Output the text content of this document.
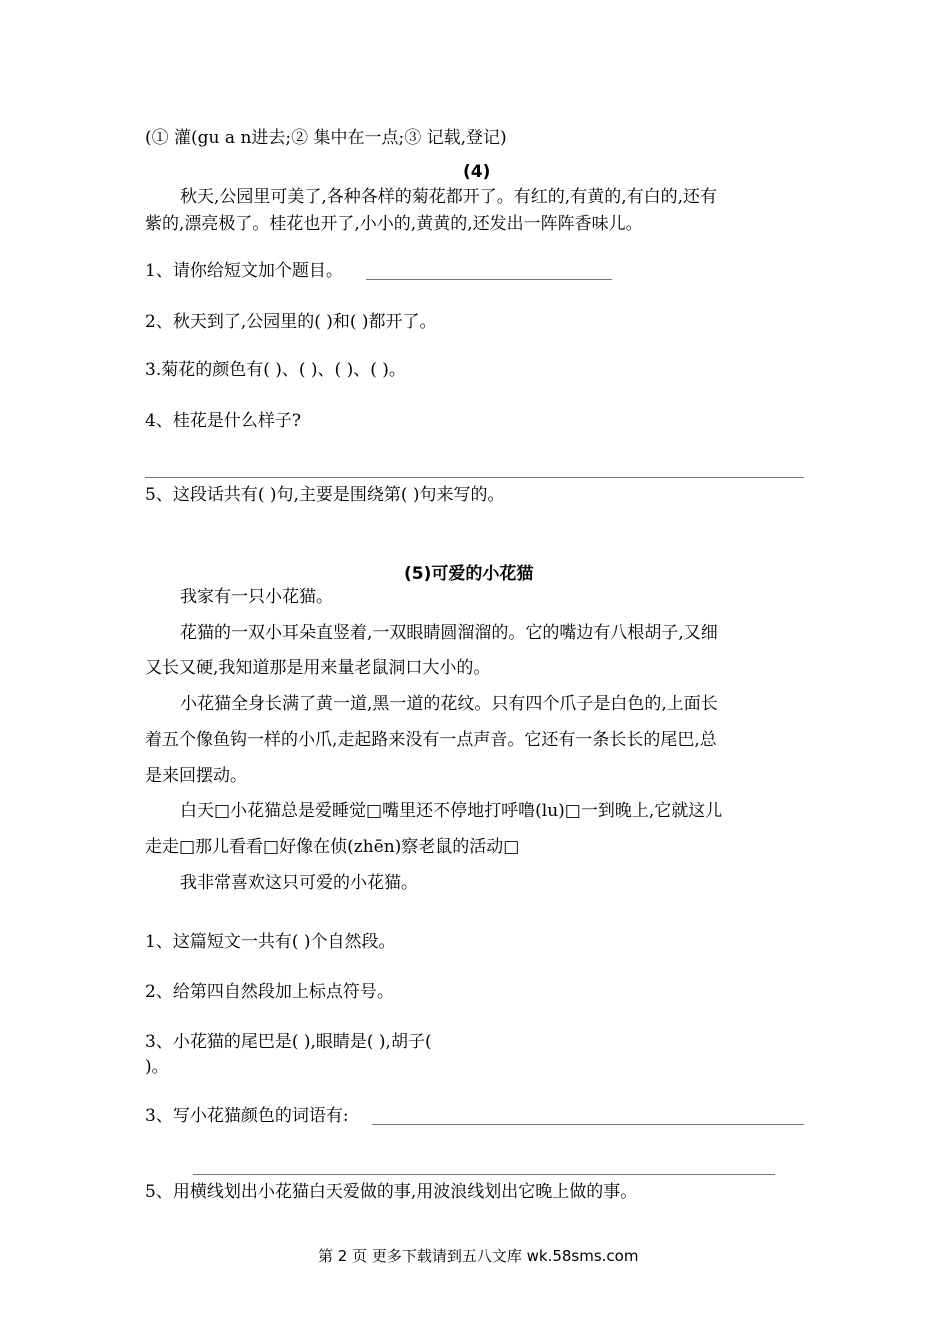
(① 灌(gu a n进去;② 集中在一点;③ 记载,登记)
(4)
秋天,公园里可美了,各种各样的菊花都开了。有红的,有黄的,有白的,还有
紫的,漂亮极了。桂花也开了,小小的,黄黄的,还发出一阵阵香味儿。
1、请你给短文加个题目。
2、秋天到了,公园里的( )和( )都开了。
3.菊花的颜色有( )、( )、( )、( )。
4、桂花是什么样子?
5、这段话共有( )句,主要是围绕第( )句来写的。
(5)可爱的小花猫
我家有一只小花猫。
花猫的一双小耳朵直竖着,一双眼睛圆溜溜的。它的嘴边有八根胡子,又细
又长又硬,我知道那是用来量老鼠洞口大小的。
小花猫全身长满了黄一道,黑一道的花纹。只有四个爪子是白色的,上面长
着五个像鱼钩一样的小爪,走起路来没有一点声音。它还有一条长长的尾巴,总
是来回摆动。
白天□小花猫总是爱睡觉□嘴里还不停地打呼噜(lu)□一到晚上,它就这儿
走走□那儿看看□好像在侦(zhēn)察老鼠的活动□
我非常喜欢这只可爱的小花猫。
1、这篇短文一共有( )个自然段。
2、给第四自然段加上标点符号。
3、小花猫的尾巴是( ),眼睛是( ),胡子(
)。
3、写小花猫颜色的词语有:
5、用横线划出小花猫白天爱做的事,用波浪线划出它晚上做的事。
第 2 页 更多下载请到五八文库 wk.58sms.com
